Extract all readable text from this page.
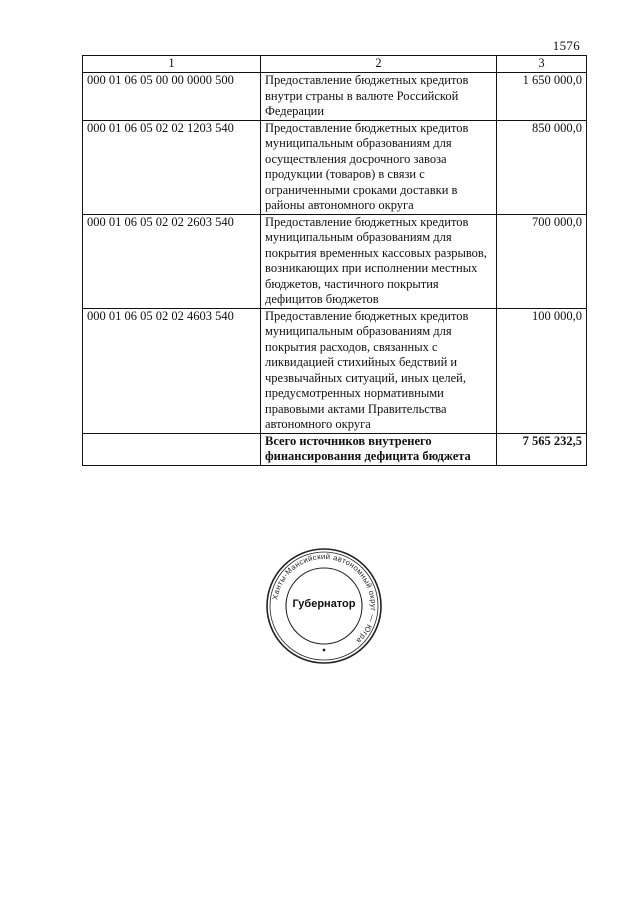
1576
1	2	3
000 01 06 05 00 00 0000 500	Предоставление бюджетных кредитов внутри страны в валюте Российской Федерации	1 650 000,0
000 01 06 05 02 02 1203 540	Предоставление бюджетных кредитов муниципальным образованиям для осуществления досрочного завоза продукции (товаров) в связи с ограниченными сроками доставки в районы автономного округа	850 000,0
000 01 06 05 02 02 2603 540	Предоставление бюджетных кредитов муниципальным образованиям для покрытия временных кассовых разрывов, возникающих при исполнении местных бюджетов, частичного покрытия дефицитов бюджетов	700 000,0
000 01 06 05 02 02 4603 540	Предоставление бюджетных кредитов муниципальным образованиям для покрытия расходов, связанных с ликвидацией стихийных бедствий и чрезвычайных ситуаций, иных целей, предусмотренных нормативными правовыми актами Правительства автономного округа	100 000,0
	Всего источников внутренего финансирования дефицита бюджета	7 565 232,5
Ханты-Мансийский автономный округ — Югра
Губернатор
